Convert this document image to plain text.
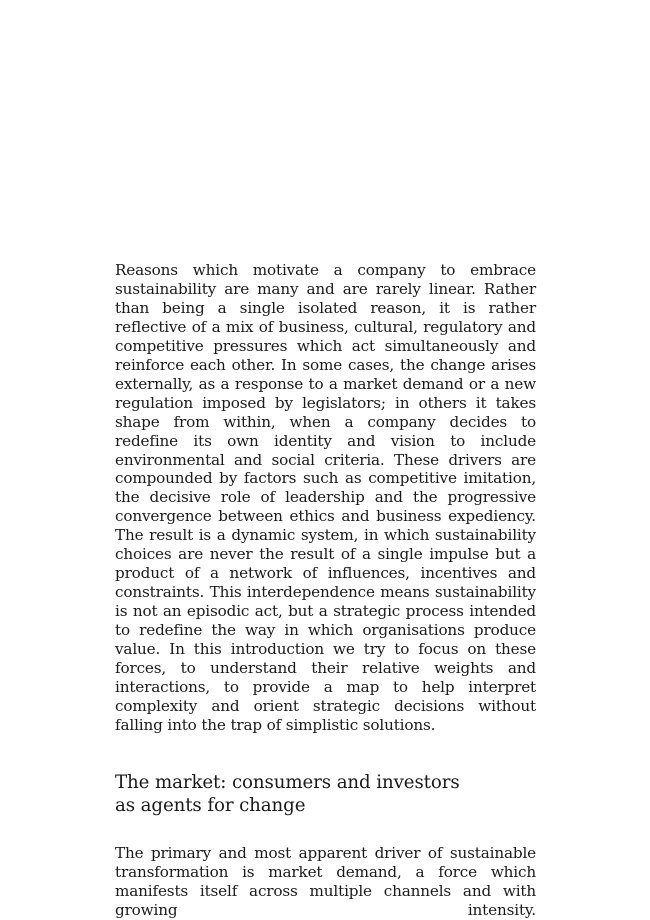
Reasons which motivate a company to embrace sustainability are many and are rarely linear. Rather than being a single isolated reason, it is rather reflective of a mix of business, cultural, regulatory and competitive pressures which act simultaneously and reinforce each other. In some cases, the change arises externally, as a response to a market demand or a new regulation imposed by legislators; in others it takes shape from within, when a company decides to redefine its own identity and vision to include environmental and social criteria. These drivers are compounded by factors such as competitive imitation, the decisive role of leadership and the progressive convergence between ethics and business expediency. The result is a dynamic system, in which sustainability choices are never the result of a single impulse but a product of a network of influences, incentives and constraints. This interdependence means sustainability is not an episodic act, but a strategic process intended to redefine the way in which organisations produce value. In this introduction we try to focus on these forces, to understand their relative weights and interactions, to provide a map to help interpret complexity and orient strategic decisions without falling into the trap of simplistic solutions.

The market: consumers and investors as agents for change

The primary and most apparent driver of sustainable transformation is market demand, a force which manifests itself across multiple channels and with growing intensity.
